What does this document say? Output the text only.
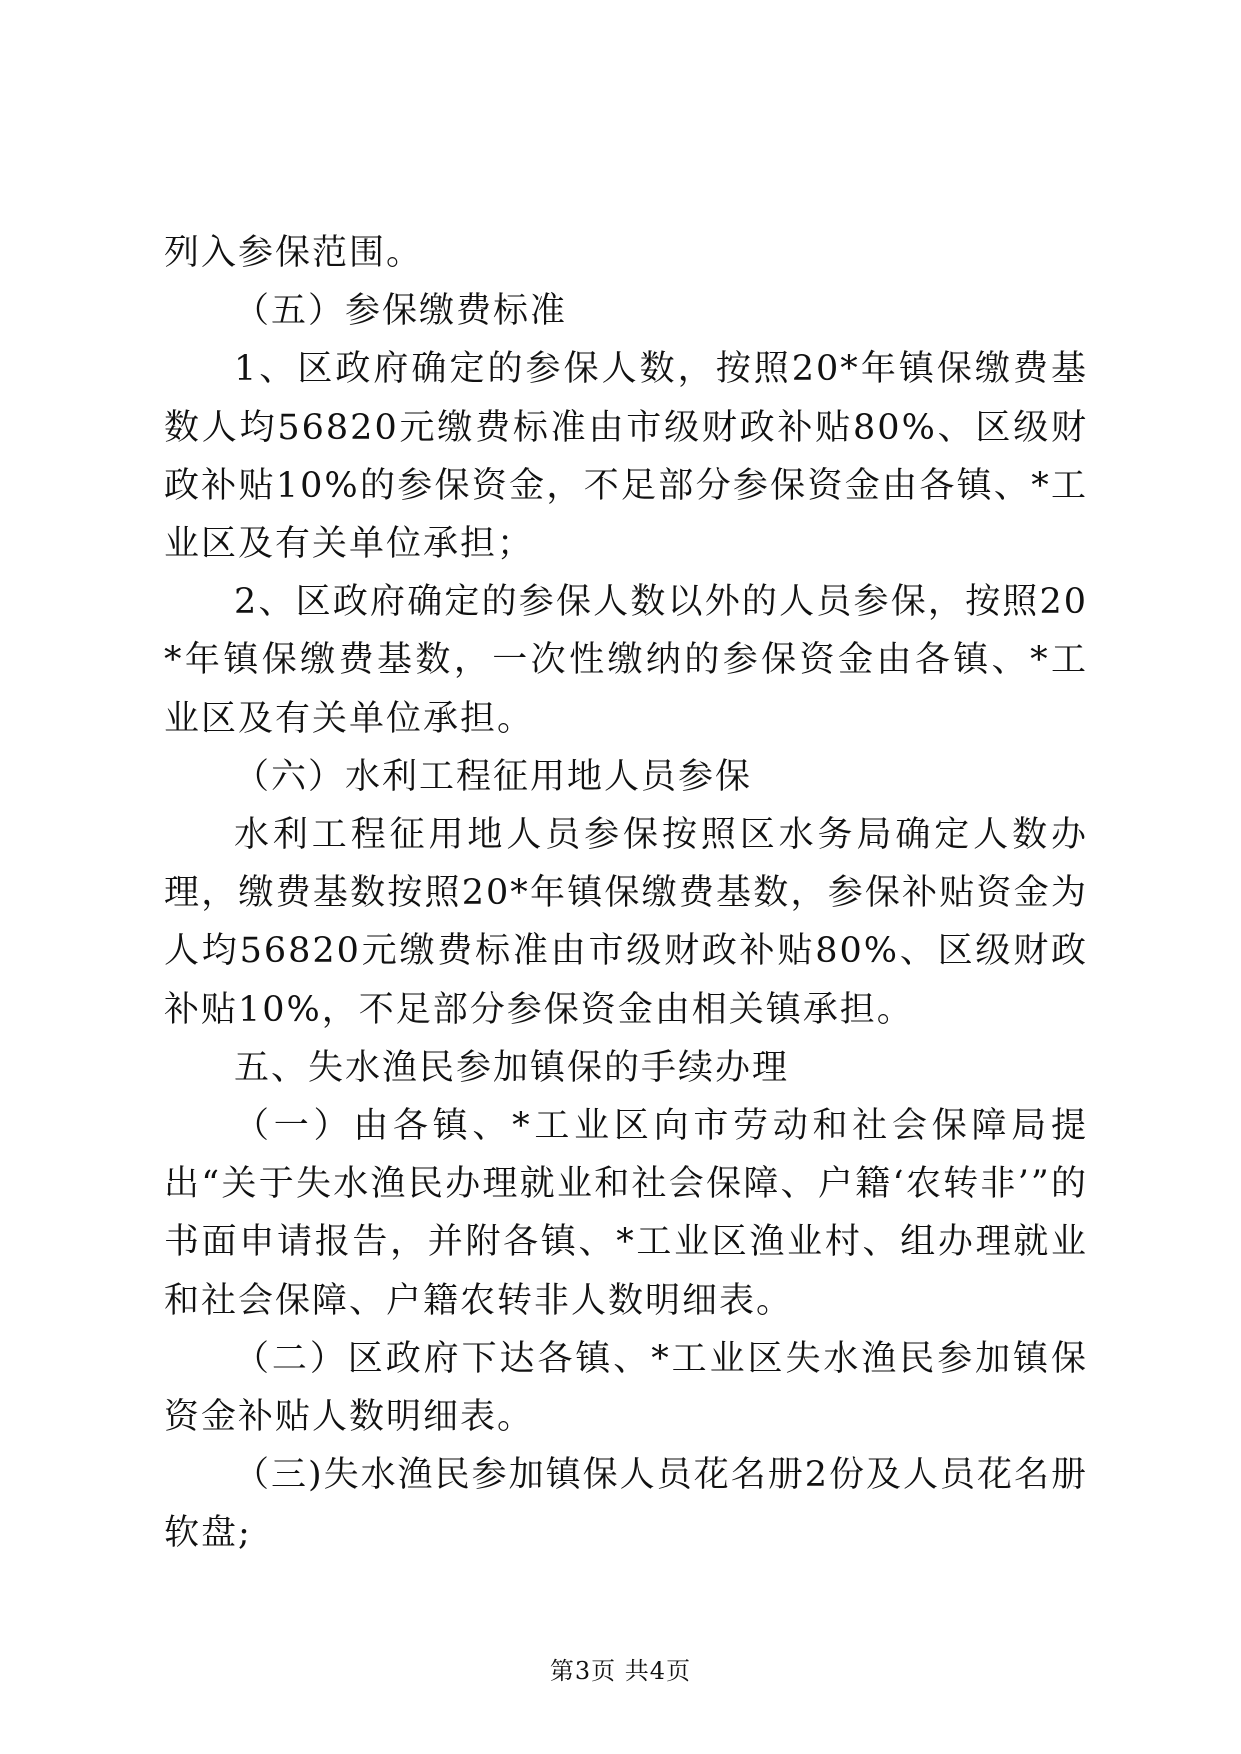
列入参保范围。

（五）参保缴费标准

1、区政府确定的参保人数，按照20*年镇保缴费基数人均56820元缴费标准由市级财政补贴80%、区级财政补贴10%的参保资金，不足部分参保资金由各镇、*工业区及有关单位承担；

2、区政府确定的参保人数以外的人员参保，按照20*年镇保缴费基数，一次性缴纳的参保资金由各镇、*工业区及有关单位承担。

（六）水利工程征用地人员参保

水利工程征用地人员参保按照区水务局确定人数办理，缴费基数按照20*年镇保缴费基数，参保补贴资金为人均56820元缴费标准由市级财政补贴80%、区级财政补贴10%，不足部分参保资金由相关镇承担。

五、失水渔民参加镇保的手续办理

（一）由各镇、*工业区向市劳动和社会保障局提出“关于失水渔民办理就业和社会保障、户籍‘农转非’”的书面申请报告，并附各镇、*工业区渔业村、组办理就业和社会保障、户籍农转非人数明细表。

（二）区政府下达各镇、*工业区失水渔民参加镇保资金补贴人数明细表。

（三)失水渔民参加镇保人员花名册2份及人员花名册软盘;

第3页 共4页
